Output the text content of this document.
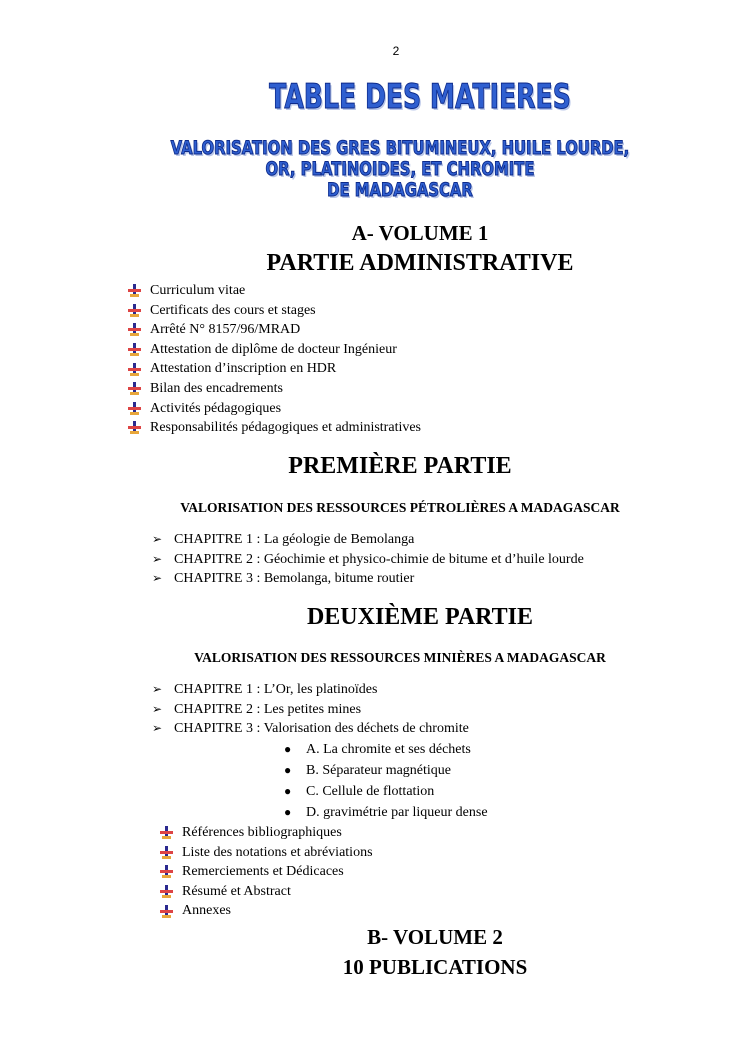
2
TABLE DES MATIERES
VALORISATION DES GRES BITUMINEUX, HUILE LOURDE,
OR, PLATINOIDES, ET CHROMITE
DE MADAGASCAR
A- VOLUME 1
PARTIE ADMINISTRATIVE
Curriculum vitae
Certificats des cours et stages
Arrêté N° 8157/96/MRAD
Attestation de diplôme de docteur Ingénieur
Attestation d’inscription en HDR
Bilan des encadrements
Activités pédagogiques
Responsabilités pédagogiques et administratives
PREMIÈRE PARTIE
VALORISATION DES RESSOURCES PÉTROLIÈRES A MADAGASCAR
➢ CHAPITRE 1 : La géologie de Bemolanga
➢ CHAPITRE 2 : Géochimie et physico-chimie de bitume et d’huile lourde
➢ CHAPITRE 3 : Bemolanga, bitume routier
DEUXIÈME PARTIE
VALORISATION DES RESSOURCES MINIÈRES A MADAGASCAR
➢ CHAPITRE 1 : L’Or, les platinoïdes
➢ CHAPITRE 2 : Les petites mines
➢ CHAPITRE 3 : Valorisation des déchets de chromite
●	A. La chromite et ses déchets
●	B. Séparateur magnétique
●	C. Cellule de flottation
●	D. gravimétrie par liqueur dense
Références bibliographiques
Liste des notations et abréviations
Remerciements et Dédicaces
Résumé et Abstract
Annexes
B- VOLUME 2
10 PUBLICATIONS
